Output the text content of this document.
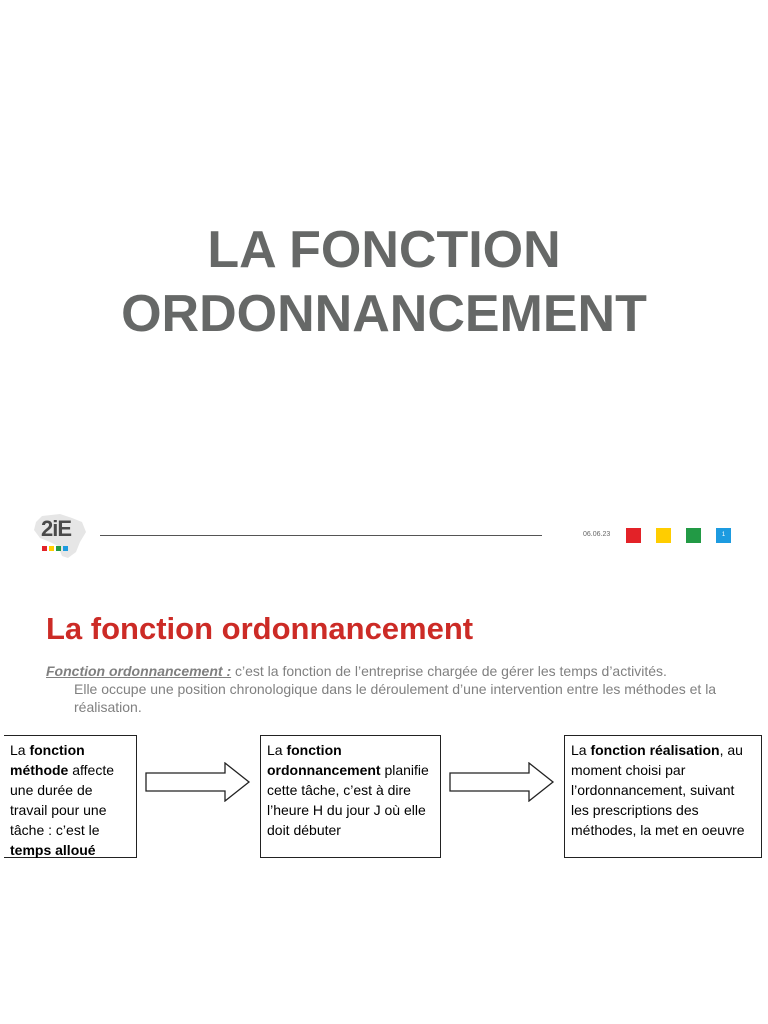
LA FONCTION
ORDONNANCEMENT
2iE	06.06.23	1
La fonction ordonnancement
Fonction ordonnancement : c’est la fonction de l’entreprise chargée de gérer les temps d’activités.
Elle occupe une position chronologique dans le déroulement d’une intervention entre les méthodes et la réalisation.
La fonction méthode affecte une durée de travail pour une tâche : c’est le temps alloué
La fonction ordonnancement planifie cette tâche, c’est à dire l’heure H du jour J où elle doit débuter
La fonction réalisation, au moment choisi par l’ordonnancement, suivant les prescriptions des méthodes, la met en oeuvre
